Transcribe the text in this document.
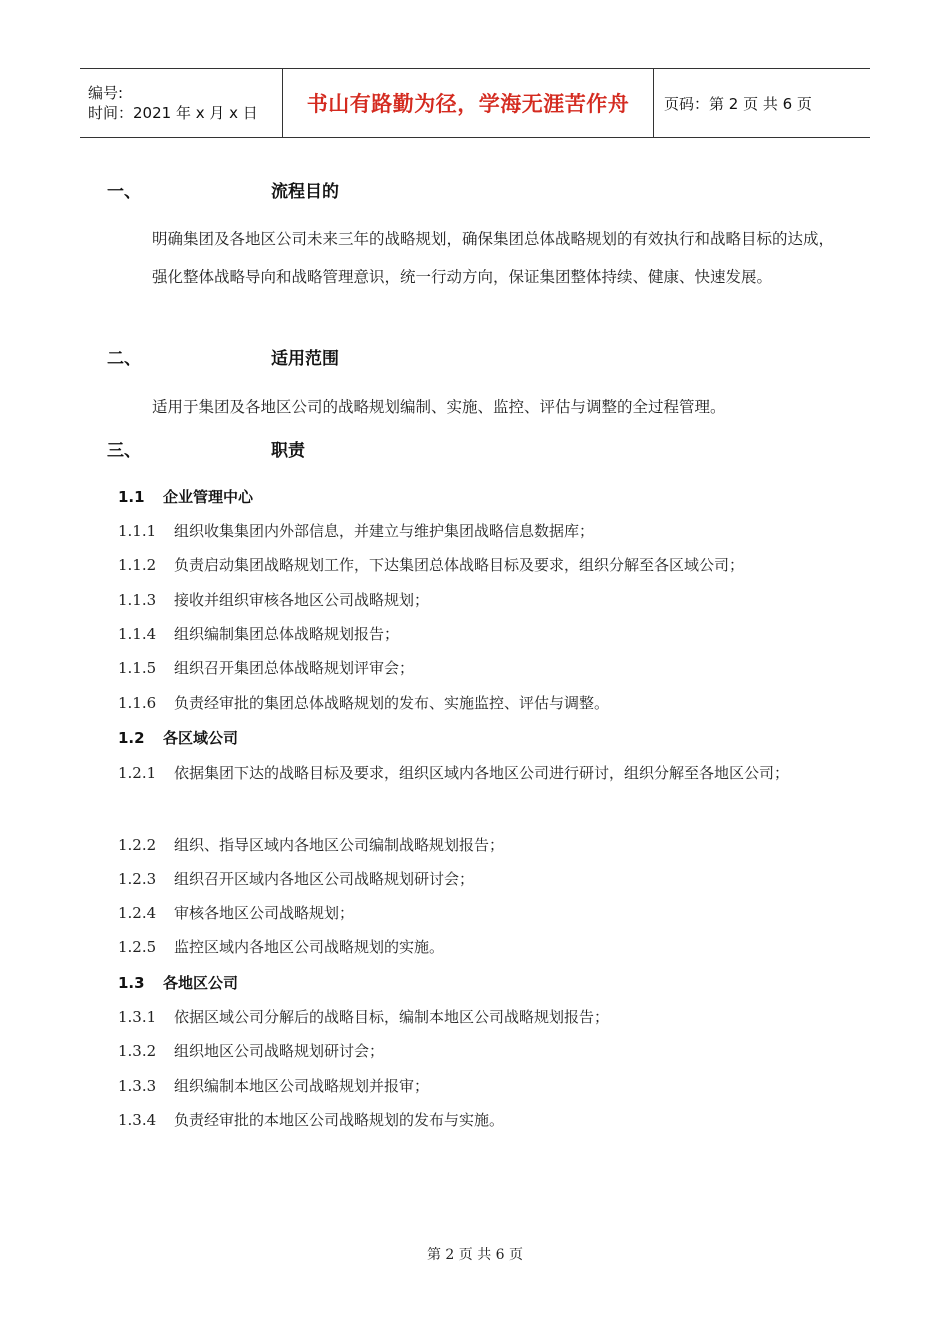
编号:
时间：2021 年 x 月 x 日	书山有路勤为径，学海无涯苦作舟 页码：第 2 页 共 6 页
一、	流程目的
明确集团及各地区公司未来三年的战略规划，确保集团总体战略规划的有效执行和战略目标的达成，强化整体战略导向和战略管理意识，统一行动方向，保证集团整体持续、健康、快速发展。
二、	适用范围
适用于集团及各地区公司的战略规划编制、实施、监控、评估与调整的全过程管理。
三、	职责
1.1 企业管理中心
1.1.1 组织收集集团内外部信息，并建立与维护集团战略信息数据库；
1.1.2 负责启动集团战略规划工作，下达集团总体战略目标及要求，组织分解至各区域公司；
1.1.3 接收并组织审核各地区公司战略规划；
1.1.4 组织编制集团总体战略规划报告；
1.1.5 组织召开集团总体战略规划评审会；
1.1.6 负责经审批的集团总体战略规划的发布、实施监控、评估与调整。
1.2 各区域公司
1.2.1 依据集团下达的战略目标及要求，组织区域内各地区公司进行研讨，组织分解至各地区公司；
1.2.2 组织、指导区域内各地区公司编制战略规划报告；
1.2.3 组织召开区域内各地区公司战略规划研讨会；
1.2.4 审核各地区公司战略规划；
1.2.5 监控区域内各地区公司战略规划的实施。
1.3 各地区公司
1.3.1 依据区域公司分解后的战略目标，编制本地区公司战略规划报告；
1.3.2 组织地区公司战略规划研讨会；
1.3.3 组织编制本地区公司战略规划并报审；
1.3.4 负责经审批的本地区公司战略规划的发布与实施。
第 2 页 共 6 页
